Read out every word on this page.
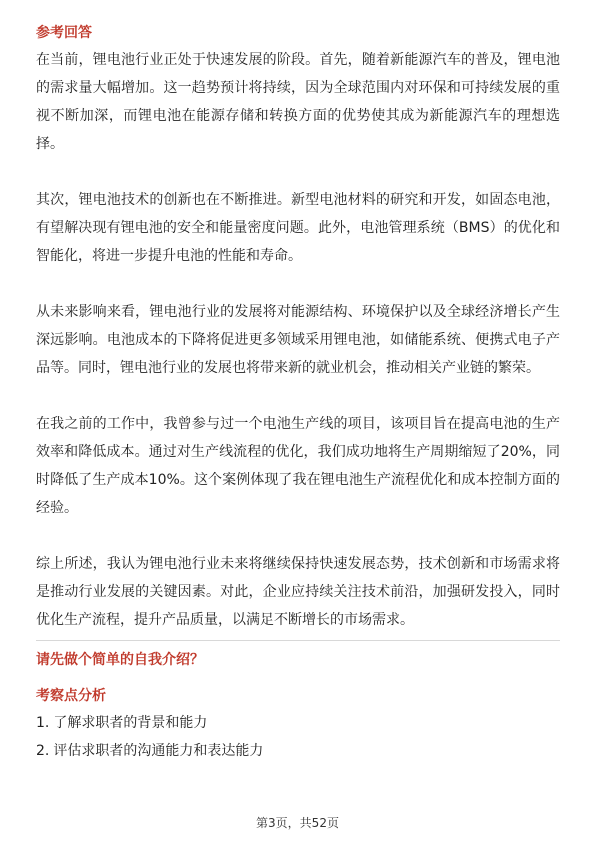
参考回答

在当前，锂电池行业正处于快速发展的阶段。首先，随着新能源汽车的普及，锂电池的需求量大幅增加。这一趋势预计将持续，因为全球范围内对环保和可持续发展的重视不断加深，而锂电池在能源存储和转换方面的优势使其成为新能源汽车的理想选择。

其次，锂电池技术的创新也在不断推进。新型电池材料的研究和开发，如固态电池，有望解决现有锂电池的安全和能量密度问题。此外，电池管理系统（BMS）的优化和智能化，将进一步提升电池的性能和寿命。

从未来影响来看，锂电池行业的发展将对能源结构、环境保护以及全球经济增长产生深远影响。电池成本的下降将促进更多领域采用锂电池，如储能系统、便携式电子产品等。同时，锂电池行业的发展也将带来新的就业机会，推动相关产业链的繁荣。

在我之前的工作中，我曾参与过一个电池生产线的项目，该项目旨在提高电池的生产效率和降低成本。通过对生产线流程的优化，我们成功地将生产周期缩短了20%，同时降低了生产成本10%。这个案例体现了我在锂电池生产流程优化和成本控制方面的经验。

综上所述，我认为锂电池行业未来将继续保持快速发展态势，技术创新和市场需求将是推动行业发展的关键因素。对此，企业应持续关注技术前沿，加强研发投入，同时优化生产流程，提升产品质量，以满足不断增长的市场需求。

请先做个简单的自我介绍？
考察点分析

1. 了解求职者的背景和能力

2. 评估求职者的沟通能力和表达能力

第3页，共52页
